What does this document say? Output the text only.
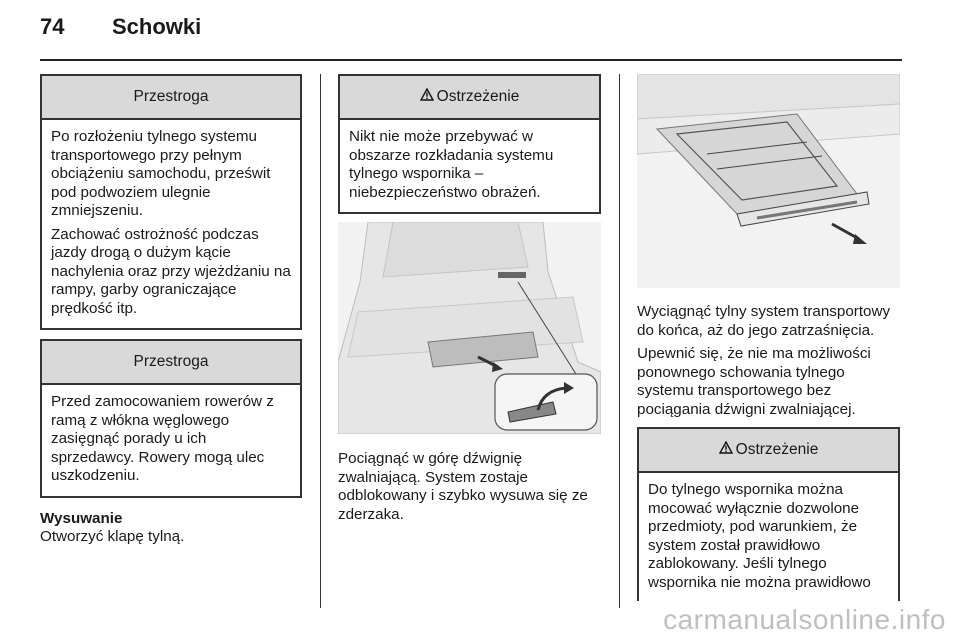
74 Schowki
Przestroga

Po rozłożeniu tylnego systemu transportowego przy pełnym obciążeniu samochodu, prześwit pod podwoziem ulegnie zmniejszeniu.

Zachować ostrożność podczas jazdy drogą o dużym kącie nachylenia oraz przy wjeżdżaniu na rampy, garby ograniczające prędkość itp.

Przestroga

Przed zamocowaniem rowerów z ramą z włókna węglowego zasięgnąć porady u ich sprzedawcy. Rowery mogą ulec uszkodzeniu.

Wysuwanie

Otworzyć klapę tylną.

Ostrzeżenie

Nikt nie może przebywać w obszarze rozkładania systemu tylnego wspornika – niebezpieczeństwo obrażeń.

Pociągnąć w górę dźwignię zwalniającą. System zostaje odblokowany i szybko wysuwa się ze zderzaka.

Wyciągnąć tylny system transportowy do końca, aż do jego zatrzaśnięcia.

Upewnić się, że nie ma możliwości ponownego schowania tylnego systemu transportowego bez pociągania dźwigni zwalniającej.

Ostrzeżenie

Do tylnego wspornika można mocować wyłącznie dozwolone przedmioty, pod warunkiem, że system został prawidłowo zablokowany. Jeśli tylnego wspornika nie można prawidłowo

carmanualsonline.info
